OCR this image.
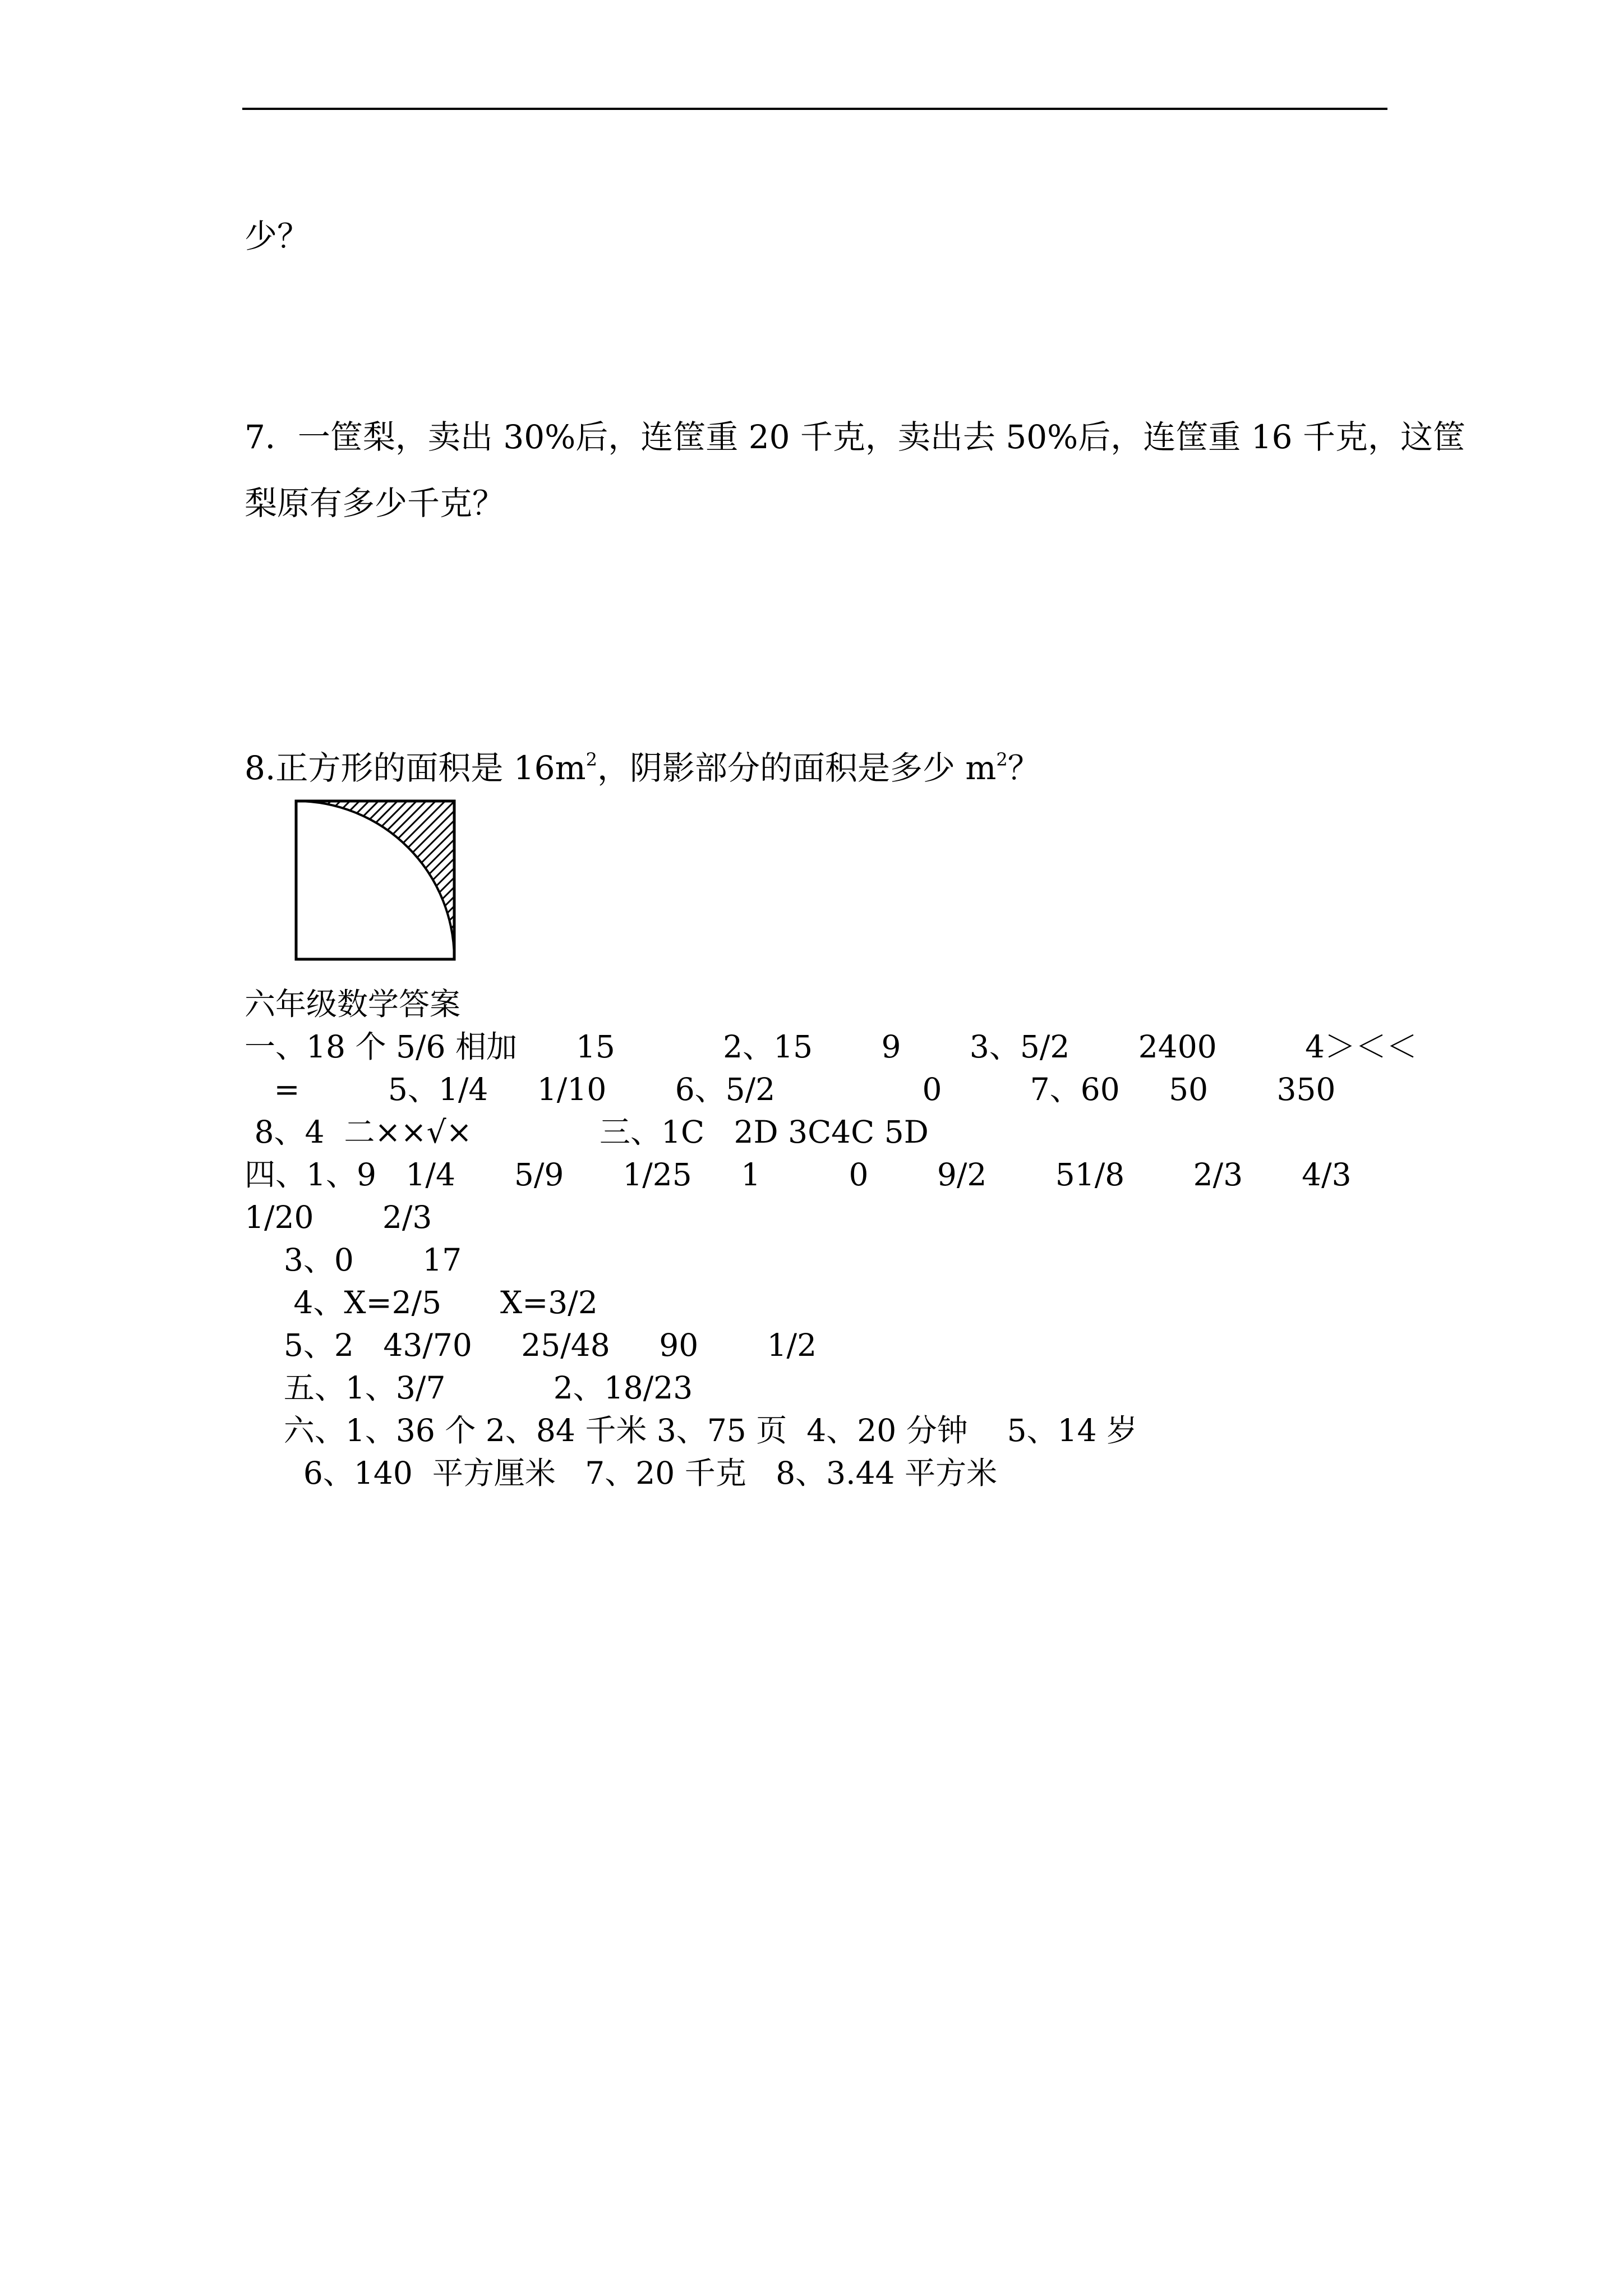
少？
7．一筐梨，卖出 30%后，连筐重 20 千克，卖出去 50%后，连筐重 16 千克，这筐
梨原有多少千克？
8.正方形的面积是 $16m^2$，阴影部分的面积是多少 $m^2$？
六年级数学答案
一、18 个 5/6 相加      15           2、15       9       3、5/2       2400         4＞＜＜
=         5、1/4     1/10       6、5/2               0         7、60     50       350
8、4  二××√×             三、1C   2D 3C4C 5D
四、1、9   1/4      5/9      1/25     1         0       9/2       51/8       2/3      4/3
1/20       2/3
3、0       17
4、X=2/5      X=3/2
5、2   43/70     25/48     90       1/2
五、1、3/7           2、18/23
六、1、36 个 2、84 千米 3、75 页  4、20 分钟    5、14 岁
6、140  平方厘米   7、20 千克   8、3.44 平方米
